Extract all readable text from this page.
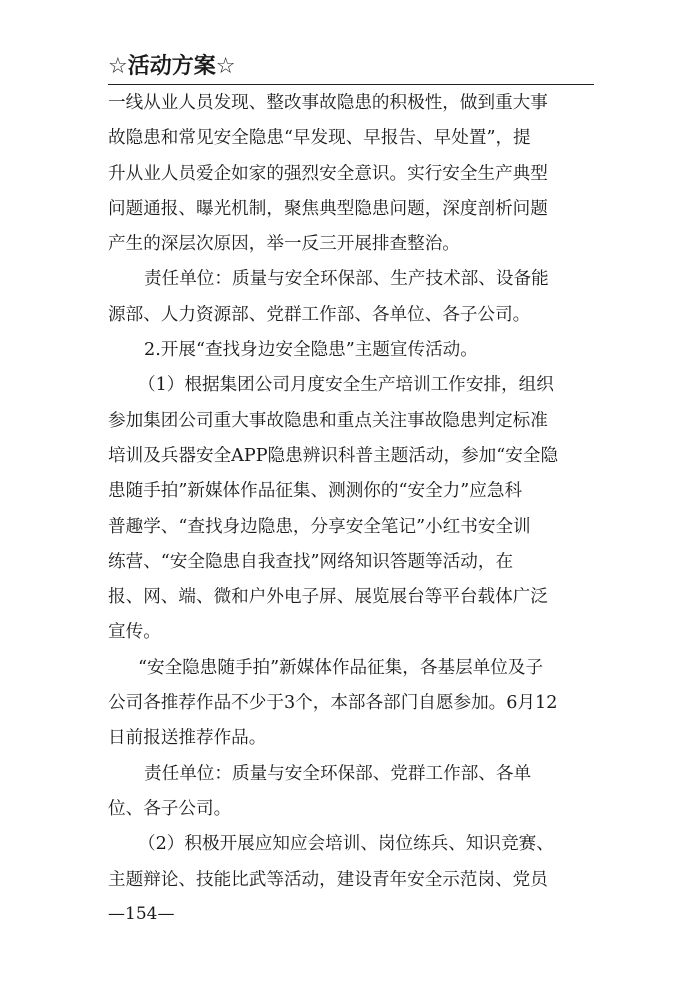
☆活动方案☆
一线从业人员发现、整改事故隐患的积极性，做到重大事
故隐患和常见安全隐患“早发现、早报告、早处置”，提
升从业人员爱企如家的强烈安全意识。实行安全生产典型
问题通报、曝光机制，聚焦典型隐患问题，深度剖析问题
产生的深层次原因，举一反三开展排查整治。
责任单位：质量与安全环保部、生产技术部、设备能
源部、人力资源部、党群工作部、各单位、各子公司。
2.开展“查找身边安全隐患”主题宣传活动。
（1）根据集团公司月度安全生产培训工作安排，组织
参加集团公司重大事故隐患和重点关注事故隐患判定标准
培训及兵器安全APP隐患辨识科普主题活动，参加“安全隐
患随手拍”新媒体作品征集、测测你的“安全力”应急科
普趣学、“查找身边隐患，分享安全笔记”小红书安全训
练营、“安全隐患自我查找”网络知识答题等活动，在
报、网、端、微和户外电子屏、展览展台等平台载体广泛
宣传。
“安全隐患随手拍”新媒体作品征集，各基层单位及子
公司各推荐作品不少于3个，本部各部门自愿参加。6月12
日前报送推荐作品。
责任单位：质量与安全环保部、党群工作部、各单
位、各子公司。
（2）积极开展应知应会培训、岗位练兵、知识竞赛、
主题辩论、技能比武等活动，建设青年安全示范岗、党员
—154—
